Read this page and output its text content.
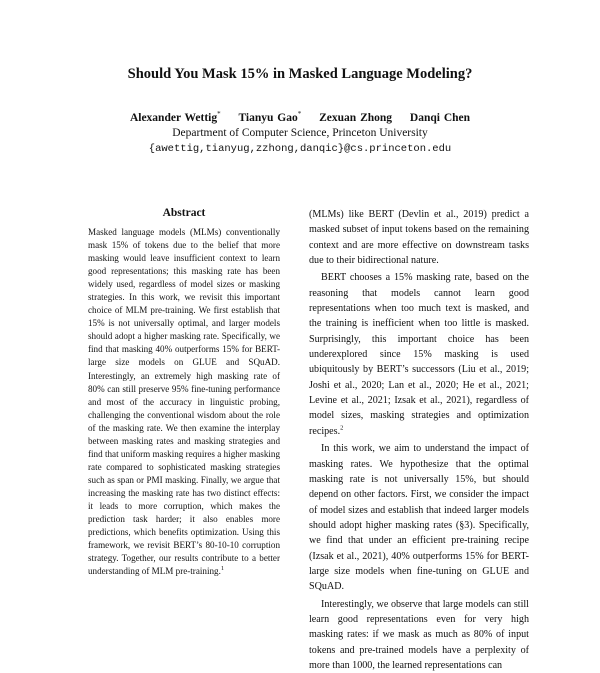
Should You Mask 15% in Masked Language Modeling?
Alexander Wettig* Tianyu Gao* Zexuan Zhong Danqi Chen
Department of Computer Science, Princeton University
{awettig,tianyug,zzhong,danqic}@cs.princeton.edu
Abstract
Masked language models (MLMs) conventionally mask 15% of tokens due to the belief that more masking would leave insufficient context to learn good representations; this masking rate has been widely used, regardless of model sizes or masking strategies. In this work, we revisit this important choice of MLM pre-training. We first establish that 15% is not universally optimal, and larger models should adopt a higher masking rate. Specifically, we find that masking 40% outperforms 15% for BERT-large size models on GLUE and SQuAD. Interestingly, an extremely high masking rate of 80% can still preserve 95% fine-tuning performance and most of the accuracy in linguistic probing, challenging the conventional wisdom about the role of the masking rate. We then examine the interplay between masking rates and masking strategies and find that uniform masking requires a higher masking rate compared to sophisticated masking strategies such as span or PMI masking. Finally, we argue that increasing the masking rate has two distinct effects: it leads to more corruption, which makes the prediction task harder; it also enables more predictions, which benefits optimization. Using this framework, we revisit BERT’s 80-10-10 corruption strategy. Together, our results contribute to a better understanding of MLM pre-training.$^1$

(MLMs) like BERT (Devlin et al., 2019) predict a masked subset of input tokens based on the remaining context and are more effective on downstream tasks due to their bidirectional nature.

BERT chooses a 15% masking rate, based on the reasoning that models cannot learn good representations when too much text is masked, and the training is inefficient when too little is masked. Surprisingly, this important choice has been underexplored since 15% masking is used ubiquitously by BERT’s successors (Liu et al., 2019; Joshi et al., 2020; Lan et al., 2020; He et al., 2021; Levine et al., 2021; Izsak et al., 2021), regardless of model sizes, masking strategies and optimization recipes.$^2$

In this work, we aim to understand the impact of masking rates. We hypothesize that the optimal masking rate is not universally 15%, but should depend on other factors. First, we consider the impact of model sizes and establish that indeed larger models should adopt higher masking rates (§3). Specifically, we find that under an efficient pre-training recipe (Izsak et al., 2021), 40% outperforms 15% for BERT-large size models when fine-tuning on GLUE and SQuAD.

Interestingly, we observe that large models can still learn good representations even for very high masking rates: if we mask as much as 80% of input tokens and pre-trained models have a perplexity of more than 1000, the learned representations can
